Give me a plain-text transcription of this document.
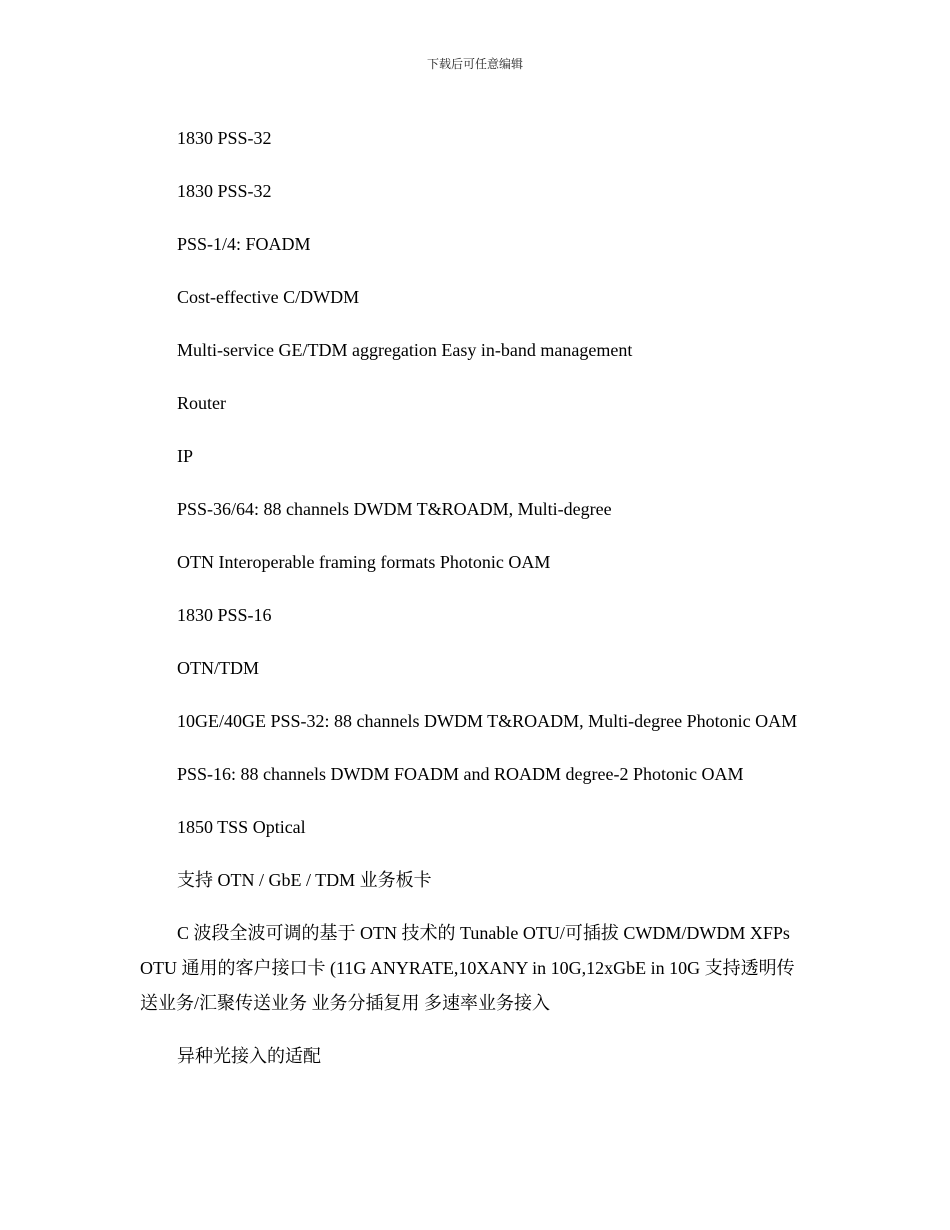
下载后可任意编辑

1830 PSS-32

1830 PSS-32

PSS-1/4: FOADM

Cost-effective C/DWDM

Multi-service GE/TDM aggregation Easy in-band management

Router

IP

PSS-36/64: 88 channels DWDM T&ROADM, Multi-degree

OTN Interoperable framing formats Photonic OAM

1830 PSS-16

OTN/TDM

10GE/40GE PSS-32: 88 channels DWDM T&ROADM, Multi-degree Photonic OAM

PSS-16: 88 channels DWDM FOADM and ROADM degree-2 Photonic OAM

1850 TSS Optical

支持 OTN / GbE / TDM 业务板卡

C 波段全波可调的基于 OTN 技术的 Tunable OTU/可插拔 CWDM/DWDM XFPs OTU 通用的客户接口卡 (11G ANYRATE,10XANY in 10G,12xGbE in 10G 支持透明传送业务/汇聚传送业务 业务分插复用 多速率业务接入

异种光接入的适配
